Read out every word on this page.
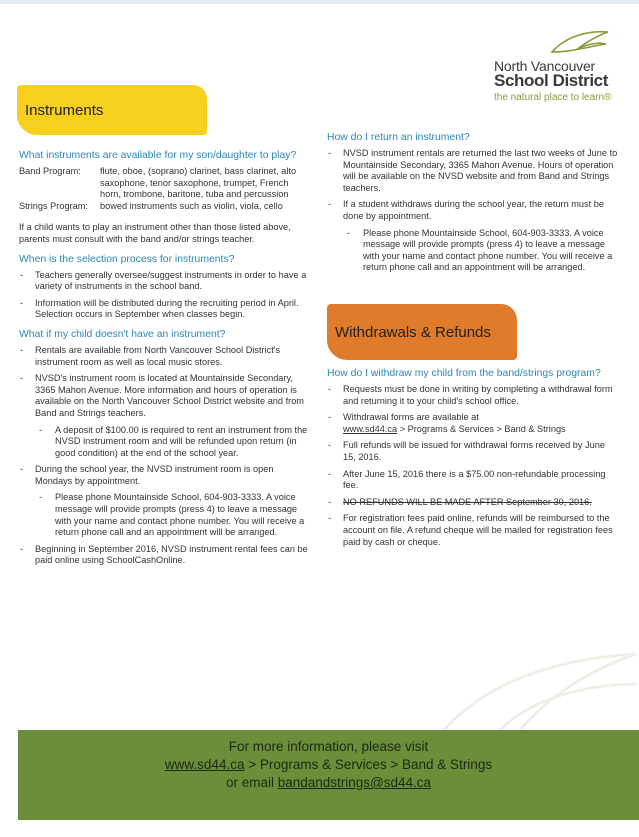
North Vancouver
School District
the natural place to learn®
Instruments
Withdrawals & Refunds
What instruments are available for my son/daughter to play?
Band Program:	flute, oboe, (soprano) clarinet, bass clarinet, alto saxophone, tenor saxophone, trumpet, French horn, trombone, baritone, tuba and percussion
Strings Program:	bowed instruments such as violin, viola, cello

If a child wants to play an instrument other than those listed above, parents must consult with the band and/or strings teacher.

When is the selection process for instruments?
- Teachers generally oversee/suggest instruments in order to have a variety of instruments in the school band.
- Information will be distributed during the recruiting period in April. Selection occurs in September when classes begin.
What if my child doesn't have an instrument?
- Rentals are available from North Vancouver School District's instrument room as well as local music stores.
- NVSD's instrument room is located at Mountainside Secondary, 3365 Mahon Avenue. More information and hours of operation is available on the North Vancouver School District website and from Band and Strings teachers.
- A deposit of $100.00 is required to rent an instrument from the NVSD instrument room and will be refunded upon return (in good condition) at the end of the school year.
- During the school year, the NVSD instrument room is open Mondays by appointment.
- Please phone Mountainside School, 604-903-3333. A voice message will provide prompts (press 4) to leave a message with your name and contact phone number. You will receive a return phone call and an appointment will be arranged.
- Beginning in September 2016, NVSD instrument rental fees can be paid online using SchoolCashOnline.
How do I return an instrument?
- NVSD instrument rentals are returned the last two weeks of June to Mountainside Secondary, 3365 Mahon Avenue. Hours of operation will be available on the NVSD website and from Band and Strings teachers.
- If a student withdraws during the school year, the return must be done by appointment.
- Please phone Mountainside School, 604-903-3333. A voice message will provide prompts (press 4) to leave a message with your name and contact phone number. You will receive a return phone call and an appointment will be arranged.
How do I withdraw my child from the band/strings program?
- Requests must be done in writing by completing a withdrawal form and returning it to your child's school office.
- Withdrawal forms are available at
www.sd44.ca > Programs & Services > Band & Strings
- Full refunds will be issued for withdrawal forms received by June 15, 2016.
- After June 15, 2016 there is a $75.00 non-refundable processing fee.
- NO REFUNDS WILL BE MADE AFTER September 30, 2016.
- For registration fees paid online, refunds will be reimbursed to the account on file. A refund cheque will be mailed for registration fees paid by cash or cheque.
For more information, please visit
www.sd44.ca > Programs & Services > Band & Strings
or email bandandstrings@sd44.ca
